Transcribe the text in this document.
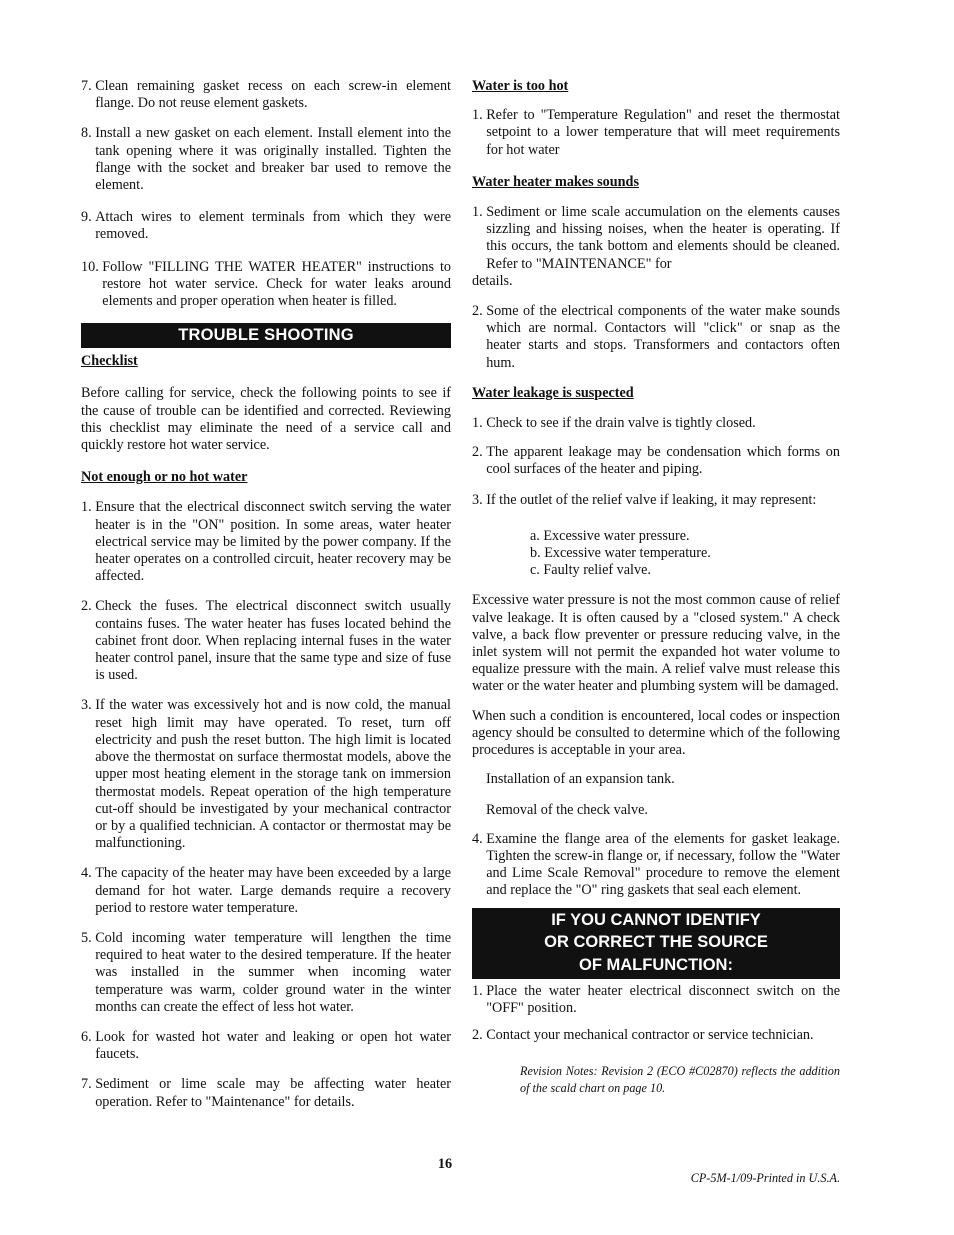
7.
Clean remaining gasket recess on each screw-in element flange. Do not reuse element gaskets.
8.
Install a new gasket on each element. Install element into the tank opening where it was originally installed. Tighten the flange with the socket and breaker bar used to remove the element.
9.
Attach wires to element terminals from which they were removed.
10.
Follow "FILLING THE WATER HEATER" instructions to restore hot water service. Check for water leaks around elements and proper operation when heater is filled.
TROUBLE SHOOTING

Checklist

Before calling for service, check the following points to see if the cause of trouble can be identified and corrected. Reviewing this checklist may eliminate the need of a service call and quickly restore hot water service.

Not enough or no hot water

1.
Ensure that the electrical disconnect switch serving the water heater is in the "ON" position. In some areas, water heater electrical service may be limited by the power company. If the heater operates on a controlled circuit, heater recovery may be affected.
2.
Check the fuses. The electrical disconnect switch usually contains fuses. The water heater has fuses located behind the cabinet front door. When replacing internal fuses in the water heater control panel, insure that the same type and size of fuse is used.
3.
If the water was excessively hot and is now cold, the manual reset high limit may have operated. To reset, turn off electricity and push the reset button. The high limit is located above the thermostat on surface thermostat models, above the upper most heating element in the storage tank on immersion thermostat models. Repeat operation of the high temperature cut-off should be investigated by your mechanical contractor or by a qualified technician. A contactor or thermostat may be malfunctioning.
4.
The capacity of the heater may have been exceeded by a large demand for hot water. Large demands require a recovery period to restore water temperature.
5.
Cold incoming water temperature will lengthen the time required to heat water to the desired temperature. If the heater was installed in the summer when incoming water temperature was warm, colder ground water in the winter months can create the effect of less hot water.
6.
Look for wasted hot water and leaking or open hot water faucets.
7.
Sediment or lime scale may be affecting water heater operation. Refer to "Maintenance" for details.

Water is too hot

1.
Refer to "Temperature Regulation" and reset the thermostat setpoint to a lower temperature that will meet requirements for hot water

Water heater makes sounds

1.
Sediment or lime scale accumulation on the elements causes sizzling and hissing noises, when the heater is operating. If this occurs, the tank bottom and elements should be cleaned. Refer to "MAINTENANCE" for

details.

2.
Some of the electrical components of the water make sounds which are normal. Contactors will "click" or snap as the heater starts and stops. Transformers and contactors often hum.

Water leakage is suspected

1.
Check to see if the drain valve is tightly closed.
2.
The apparent leakage may be condensation which forms on cool surfaces of the heater and piping.
3.
If the outlet of the relief valve if leaking, it may represent:

a. Excessive water pressure.

b. Excessive water temperature.

c. Faulty relief valve.

Excessive water pressure is not the most common cause of relief valve leakage. It is often caused by a "closed system." A check valve, a back flow preventer or pressure reducing valve, in the inlet system will not permit the expanded hot water volume to equalize pressure with the main. A relief valve must release this water or the water heater and plumbing system will be damaged.

When such a condition is encountered, local codes or inspection agency should be consulted to determine which of the following procedures is acceptable in your area.

Installation of an expansion tank.

Removal of the check valve.

4.
Examine the flange area of the elements for gasket leakage. Tighten the screw-in flange or, if necessary, follow the "Water and Lime Scale Removal" procedure to remove the element and replace the "O" ring gaskets that seal each element.
IF YOU CANNOT IDENTIFY
OR CORRECT THE SOURCE
OF MALFUNCTION:
1.
Place the water heater electrical disconnect switch on the "OFF" position.
2.
Contact your mechanical contractor or service technician.

Revision Notes: Revision 2 (ECO #C02870) reflects the addition of the scald chart on page 10.

16
CP-5M-1/09-Printed in U.S.A.
